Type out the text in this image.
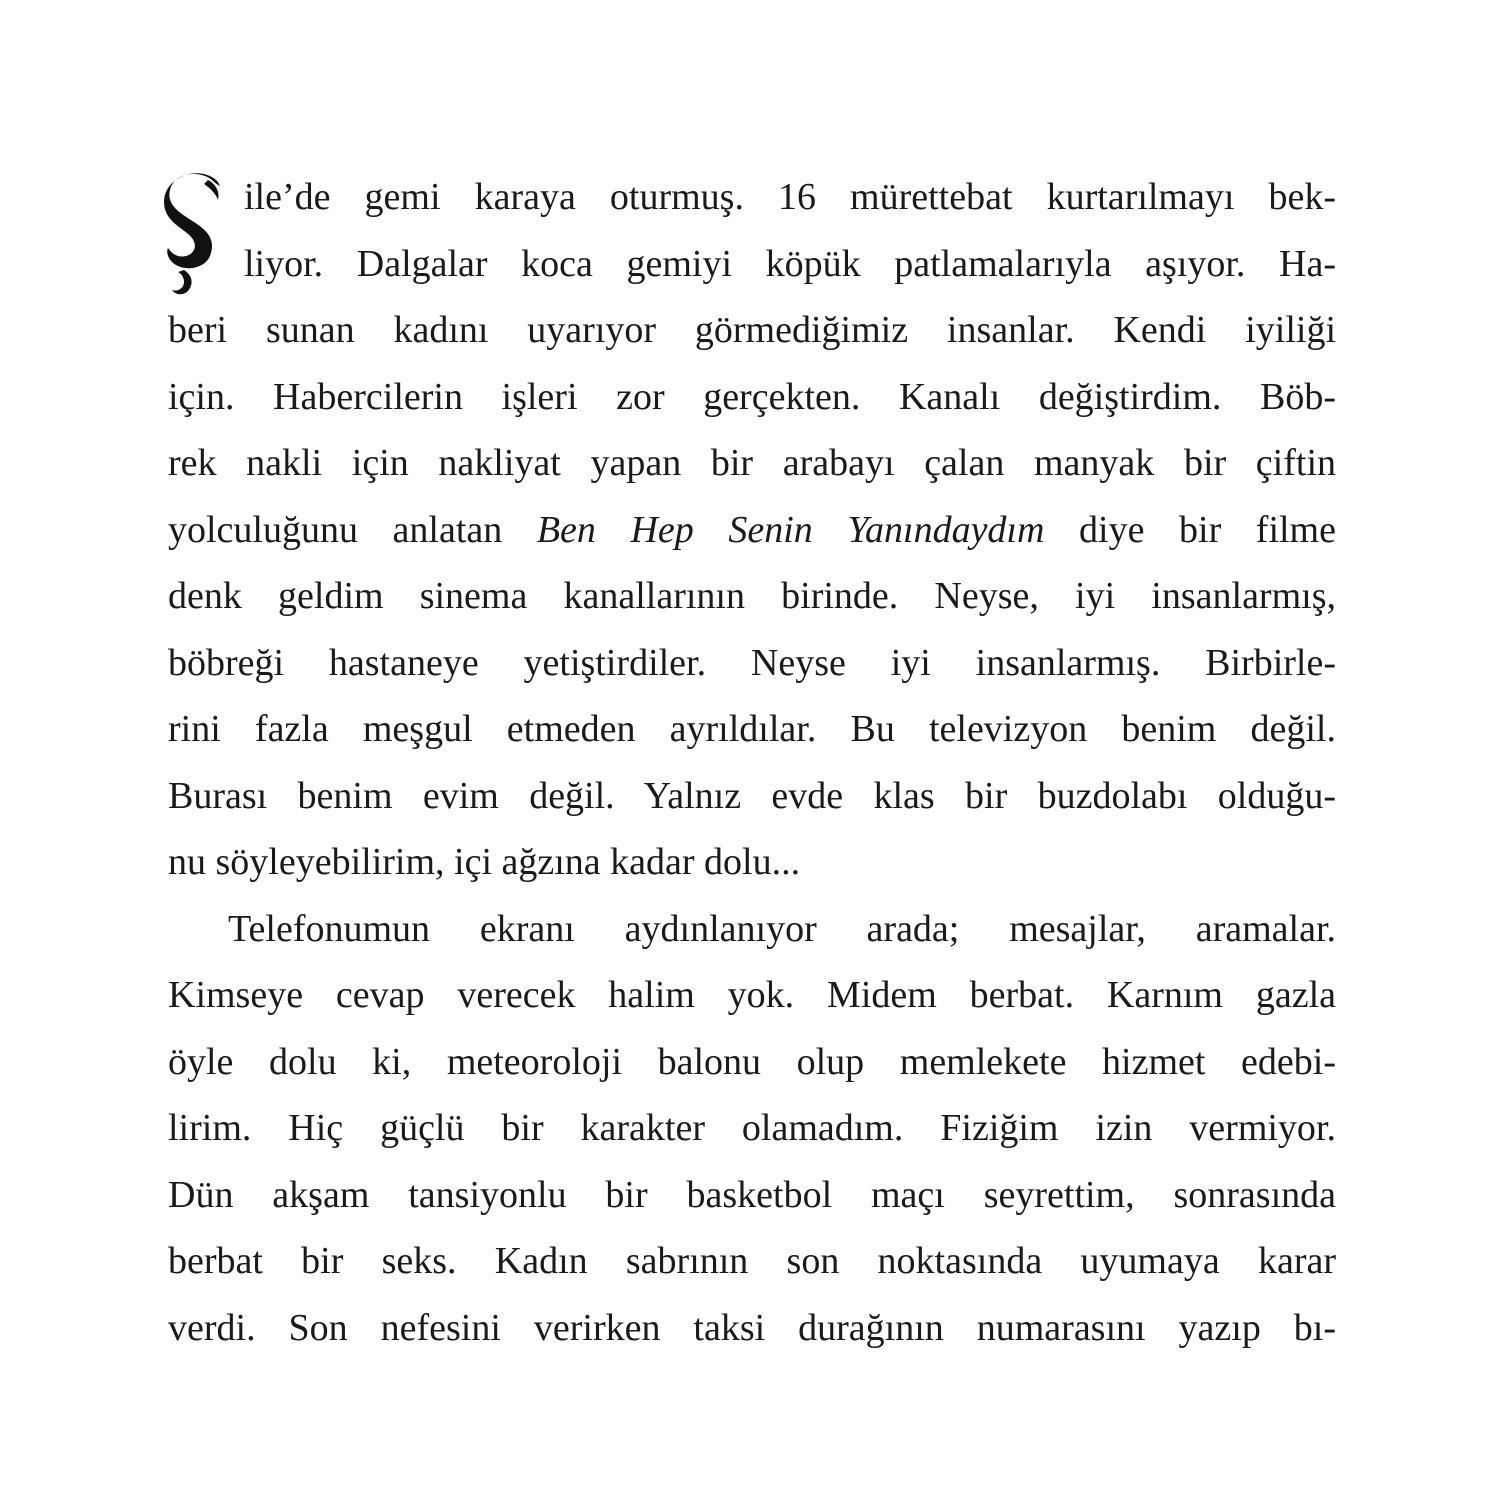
ile’de gemi karaya oturmuş. 16 mürettebat kurtarılmayı bek-
liyor. Dalgalar koca gemiyi köpük patlamalarıyla aşıyor. Ha-
beri sunan kadını uyarıyor görmediğimiz insanlar. Kendi iyiliği
için. Habercilerin işleri zor gerçekten. Kanalı değiştirdim. Böb-
rek nakli için nakliyat yapan bir arabayı çalan manyak bir çiftin
yolculuğunu anlatan Ben Hep Senin Yanındaydım diye bir filme
denk geldim sinema kanallarının birinde. Neyse, iyi insanlarmış,
böbreği hastaneye yetiştirdiler. Neyse iyi insanlarmış. Birbirle-
rini fazla meşgul etmeden ayrıldılar. Bu televizyon benim değil.
Burası benim evim değil. Yalnız evde klas bir buzdolabı olduğu-
nu söyleyebilirim, içi ağzına kadar dolu...
Telefonumun ekranı aydınlanıyor arada; mesajlar, aramalar.
Kimseye cevap verecek halim yok. Midem berbat. Karnım gazla
öyle dolu ki, meteoroloji balonu olup memlekete hizmet edebi-
lirim. Hiç güçlü bir karakter olamadım. Fiziğim izin vermiyor.
Dün akşam tansiyonlu bir basketbol maçı seyrettim, sonrasında
berbat bir seks. Kadın sabrının son noktasında uyumaya karar
verdi. Son nefesini verirken taksi durağının numarasını yazıp bı-
